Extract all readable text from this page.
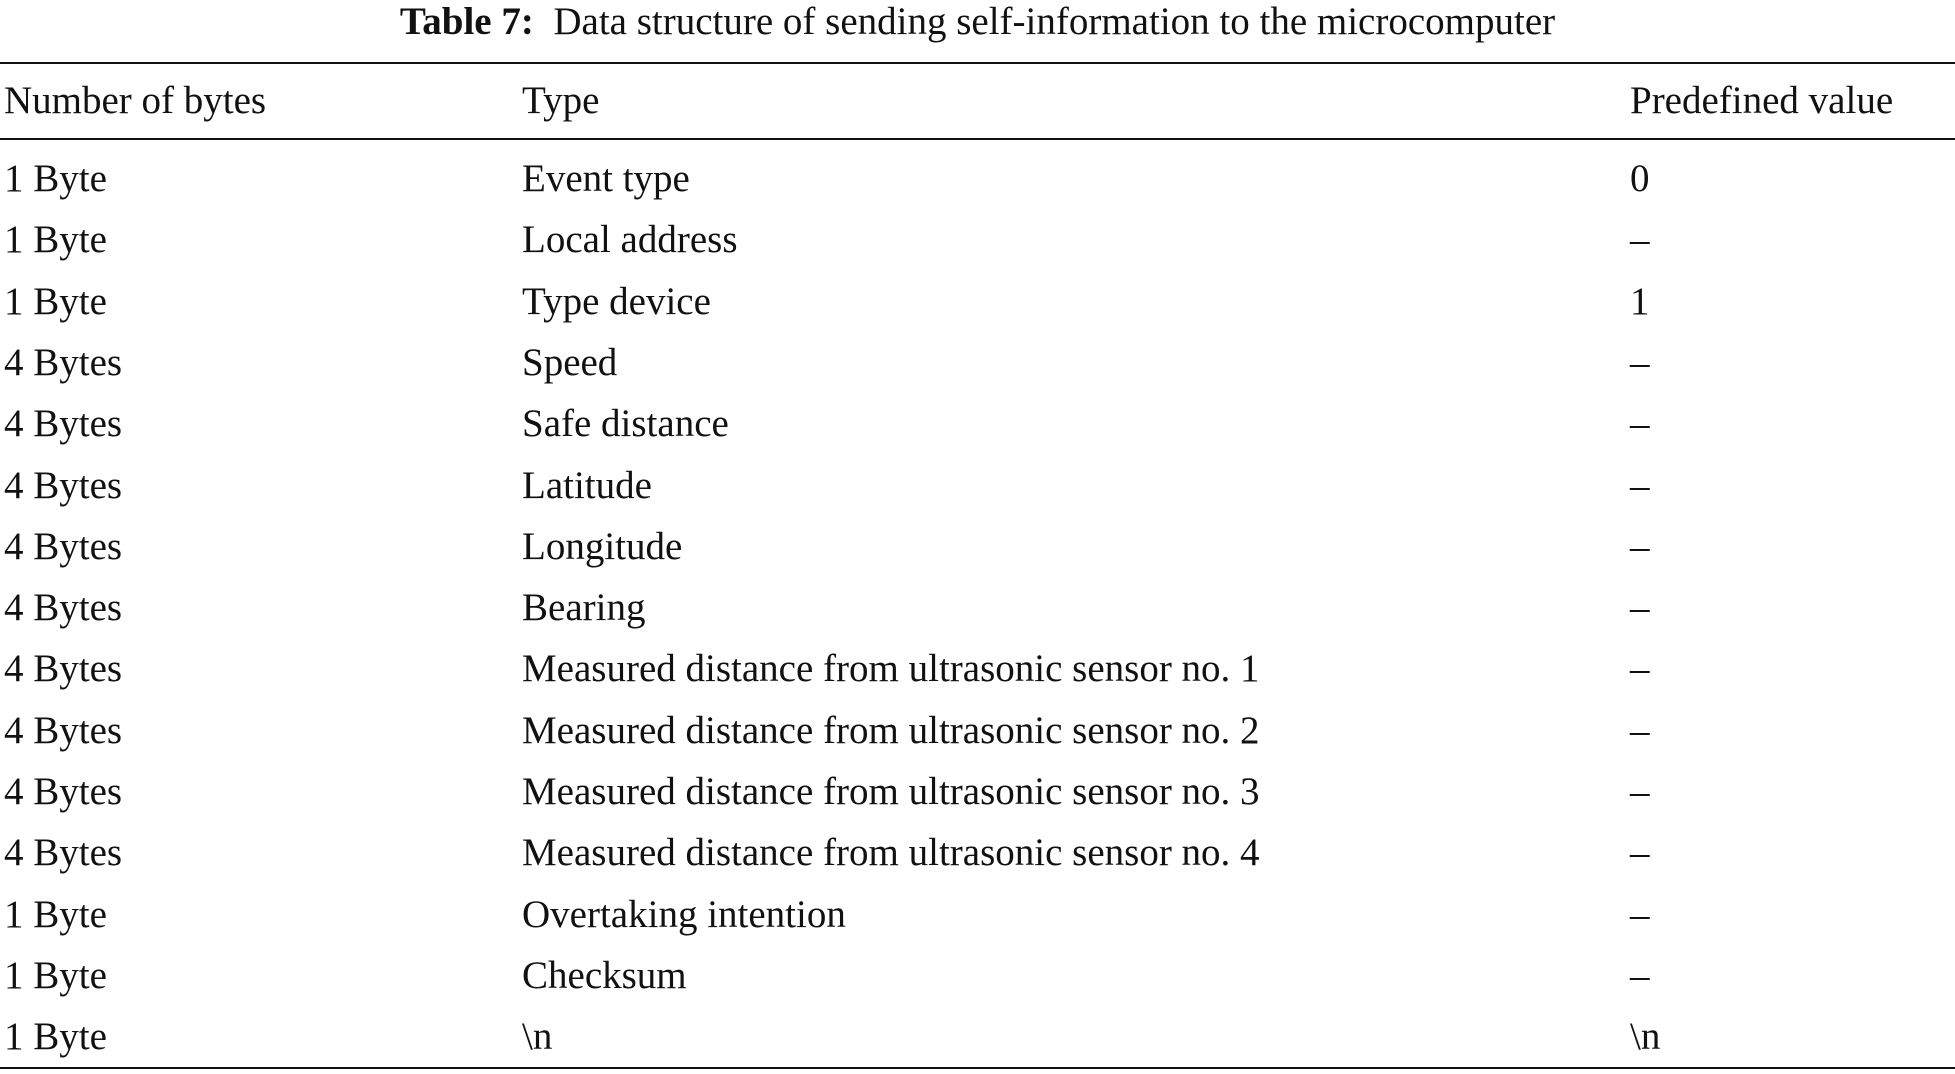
Table 7: Data structure of sending self-information to the microcomputer
Number of bytes	Type	Predefined value
1 Byte	Event type	0
1 Byte	Local address	–
1 Byte	Type device	1
4 Bytes	Speed	–
4 Bytes	Safe distance	–
4 Bytes	Latitude	–
4 Bytes	Longitude	–
4 Bytes	Bearing	–
4 Bytes	Measured distance from ultrasonic sensor no. 1	–
4 Bytes	Measured distance from ultrasonic sensor no. 2	–
4 Bytes	Measured distance from ultrasonic sensor no. 3	–
4 Bytes	Measured distance from ultrasonic sensor no. 4	–
1 Byte	Overtaking intention	–
1 Byte	Checksum	–
1 Byte	\n	\n
